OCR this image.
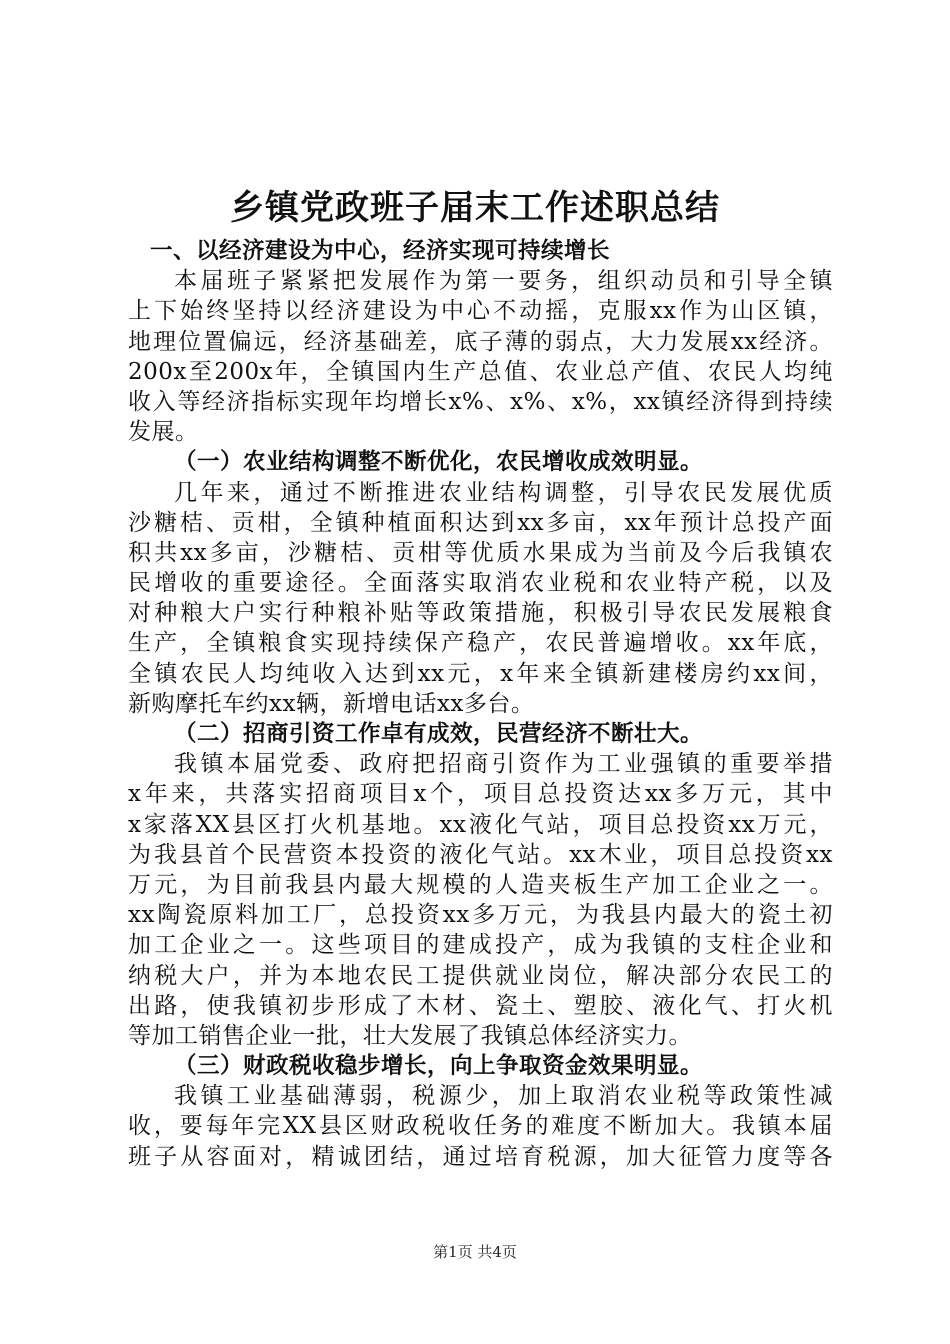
乡镇党政班子届末工作述职总结
一、以经济建设为中心，经济实现可持续增长
本届班子紧紧把发展作为第一要务，组织动员和引导全镇
上下始终坚持以经济建设为中心不动摇，克服xx作为山区镇，
地理位置偏远，经济基础差，底子薄的弱点，大力发展xx经济。
200x至200x年，全镇国内生产总值、农业总产值、农民人均纯
收入等经济指标实现年均增长x%、x%、x%，xx镇经济得到持续
发展。
（一）农业结构调整不断优化，农民增收成效明显。
几年来，通过不断推进农业结构调整，引导农民发展优质
沙糖桔、贡柑，全镇种植面积达到xx多亩，xx年预计总投产面
积共xx多亩，沙糖桔、贡柑等优质水果成为当前及今后我镇农
民增收的重要途径。全面落实取消农业税和农业特产税，以及
对种粮大户实行种粮补贴等政策措施，积极引导农民发展粮食
生产，全镇粮食实现持续保产稳产，农民普遍增收。xx年底，
全镇农民人均纯收入达到xx元，x年来全镇新建楼房约xx间，
新购摩托车约xx辆，新增电话xx多台。
（二）招商引资工作卓有成效，民营经济不断壮大。
我镇本届党委、政府把招商引资作为工业强镇的重要举措
x年来，共落实招商项目x个，项目总投资达xx多万元，其中
x家落XX县区打火机基地。xx液化气站，项目总投资xx万元，
为我县首个民营资本投资的液化气站。xx木业，项目总投资xx
万元，为目前我县内最大规模的人造夹板生产加工企业之一。
xx陶瓷原料加工厂，总投资xx多万元，为我县内最大的瓷土初
加工企业之一。这些项目的建成投产，成为我镇的支柱企业和
纳税大户，并为本地农民工提供就业岗位，解决部分农民工的
出路，使我镇初步形成了木材、瓷土、塑胶、液化气、打火机
等加工销售企业一批，壮大发展了我镇总体经济实力。
（三）财政税收稳步增长，向上争取资金效果明显。
我镇工业基础薄弱，税源少，加上取消农业税等政策性减
收，要每年完XX县区财政税收任务的难度不断加大。我镇本届
班子从容面对，精诚团结，通过培育税源，加大征管力度等各
第1页 共4页
